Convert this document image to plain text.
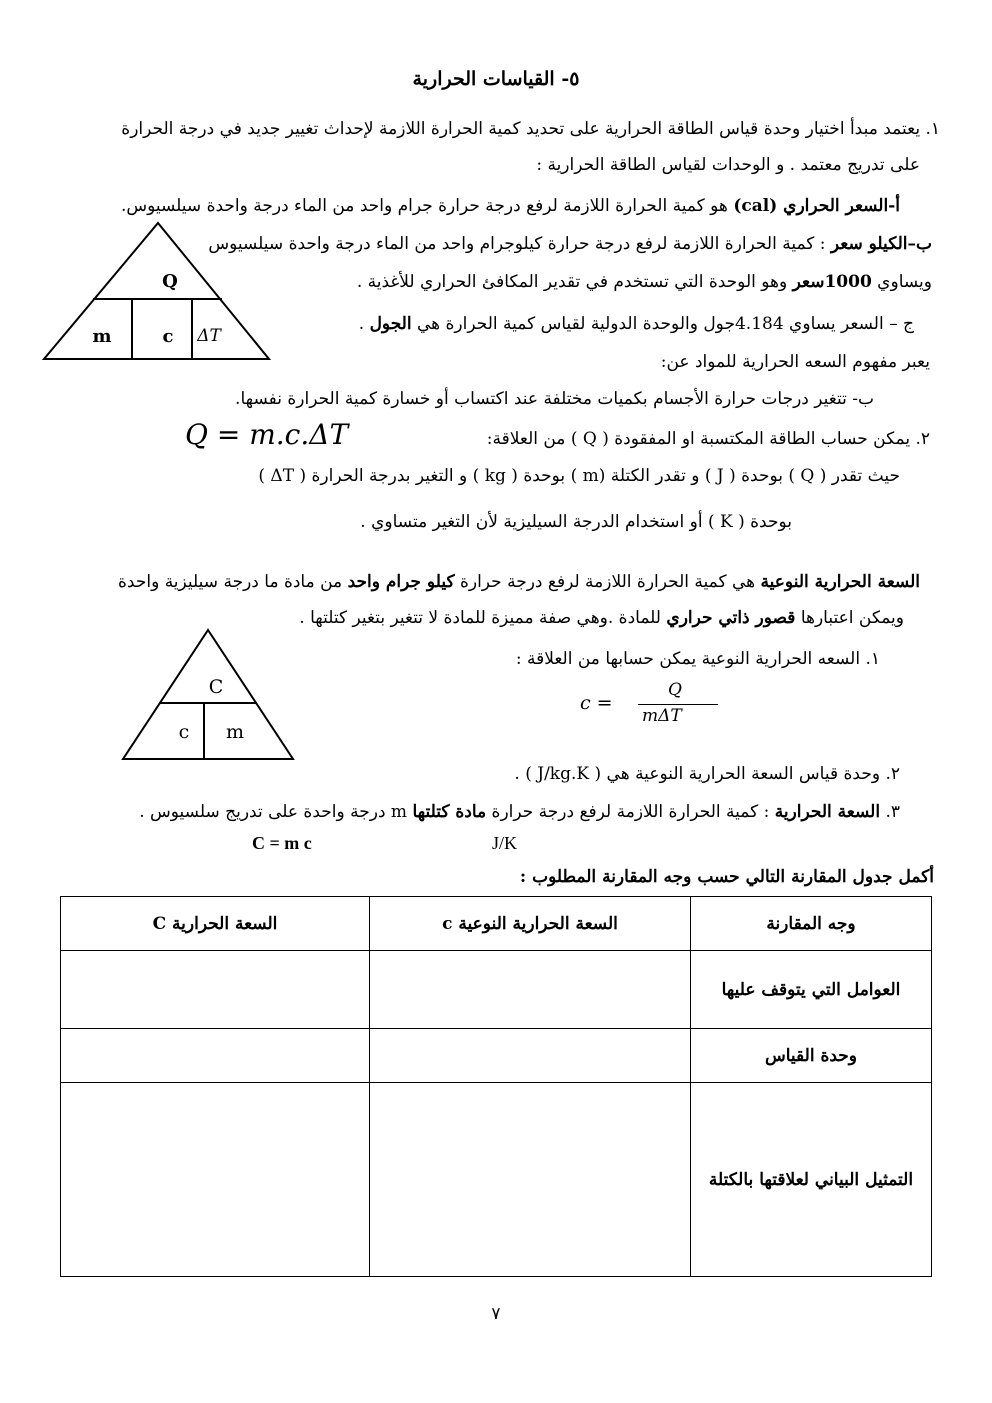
٥- القياسات الحرارية
١. يعتمد مبدأ اختيار وحدة قياس الطاقة الحرارية على تحديد كمية الحرارة اللازمة لإحداث تغيير جديد في درجة الحرارة
على تدريج معتمد . و الوحدات لقياس الطاقة الحرارية :
أ-السعر الحراري (cal) هو كمية الحرارة اللازمة لرفع درجة حرارة جرام واحد من الماء درجة واحدة سيلسيوس.
ب–الكيلو سعر : كمية الحرارة اللازمة لرفع درجة حرارة كيلوجرام واحد من الماء درجة واحدة سيلسيوس
ويساوي 1000سعر وهو الوحدة التي تستخدم في تقدير المكافئ الحراري للأغذية .
ج – السعر يساوي 4.184جول والوحدة الدولية لقياس كمية الحرارة هي الجول .
يعبر مفهوم السعه الحرارية للمواد عن:
ب- تتغير درجات حرارة الأجسام بكميات مختلفة عند اكتساب أو خسارة كمية الحرارة نفسها.
٢. يمكن حساب الطاقة المكتسبة او المفقودة ( Q ) من العلاقة:
Q = m.c.ΔT
حيث تقدر ( Q ) بوحدة ( J ) و تقدر الكتلة (m ) بوحدة ( kg ) و التغير بدرجة الحرارة ( ΔT )
بوحدة ( K ) أو استخدام الدرجة السيليزية لأن التغير متساوي .
Q
m	c ΔT
السعة الحرارية النوعية هي كمية الحرارة اللازمة لرفع درجة حرارة كيلو جرام واحد من مادة ما درجة سيليزية واحدة
ويمكن اعتبارها قصور ذاتي حراري للمادة .وهي صفة مميزة للمادة لا تتغير بتغير كتلتها .
١. السعه الحرارية النوعية يمكن حسابها من العلاقة :
c =
Q
mΔT
C
c m
٢. وحدة قياس السعة الحرارية النوعية هي ( J/kg.K ) .
٣. السعة الحرارية : كمية الحرارة اللازمة لرفع درجة حرارة مادة كتلتها m درجة واحدة على تدريج سلسيوس .
C = m c	J/K
أكمل جدول المقارنة التالي حسب وجه المقارنة المطلوب :
وجه المقارنة	السعة الحرارية النوعية c	السعة الحرارية C
العوامل التي يتوقف عليها		
وحدة القياس		
التمثيل البياني لعلاقتها بالكتلة		
٧
